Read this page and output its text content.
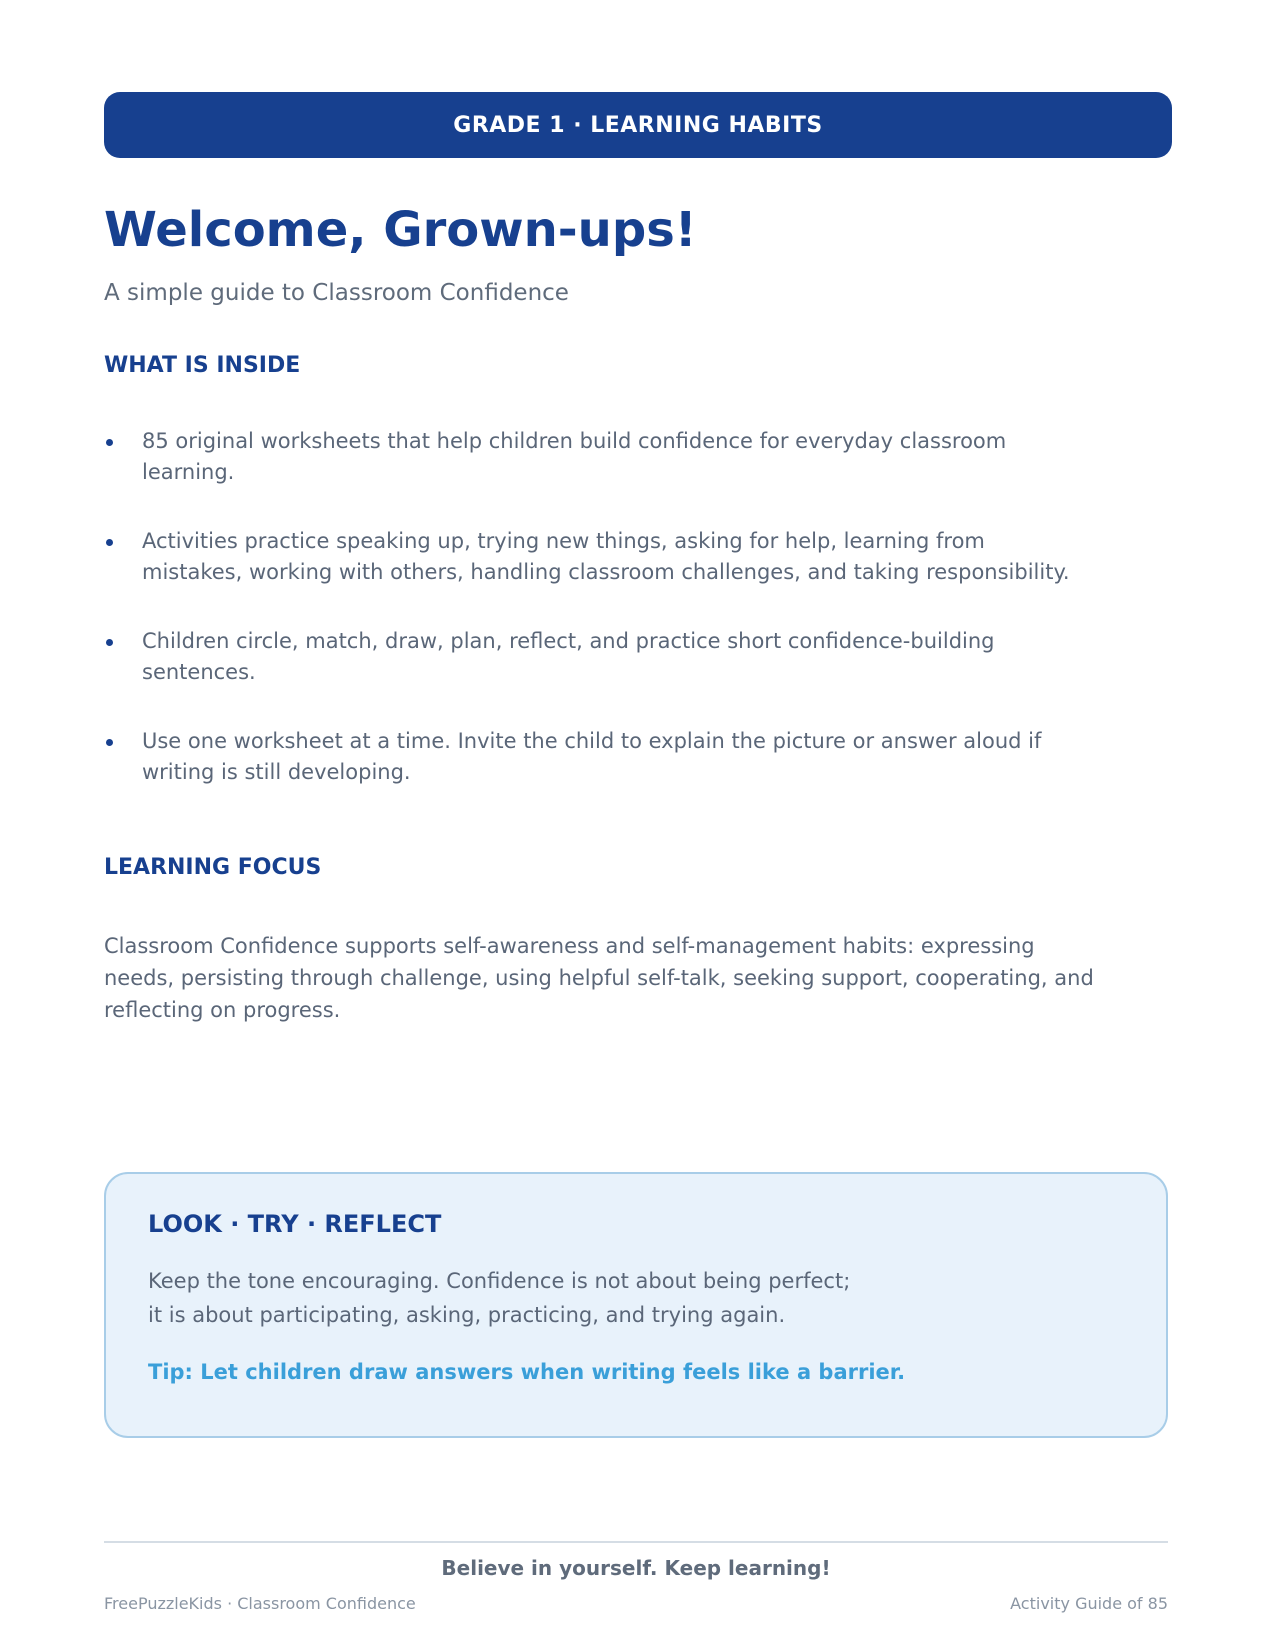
GRADE 1 · LEARNING HABITS
Welcome, Grown-ups!
A simple guide to Classroom Confidence
WHAT IS INSIDE
85 original worksheets that help children build confidence for everyday classroom learning.
Activities practice speaking up, trying new things, asking for help, learning from mistakes, working with others, handling classroom challenges, and taking responsibility.
Children circle, match, draw, plan, reflect, and practice short confidence-building sentences.
Use one worksheet at a time. Invite the child to explain the picture or answer aloud if writing is still developing.
LEARNING FOCUS
Classroom Confidence supports self-awareness and self-management habits: expressing needs, persisting through challenge, using helpful self-talk, seeking support, cooperating, and reflecting on progress.
LOOK · TRY · REFLECT
Keep the tone encouraging. Confidence is not about being perfect;
it is about participating, asking, practicing, and trying again.
Tip: Let children draw answers when writing feels like a barrier.
Believe in yourself. Keep learning!
FreePuzzleKids · Classroom Confidence	Activity Guide of 85
